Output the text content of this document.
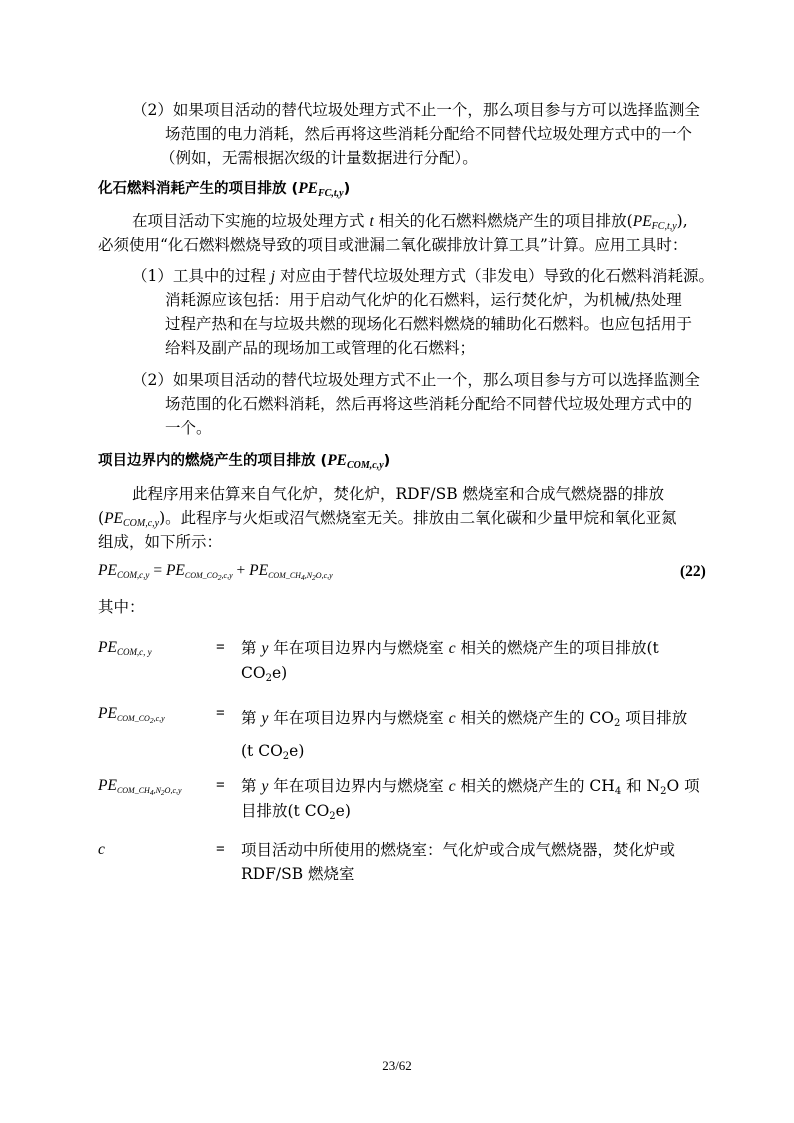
（2）如果项目活动的替代垃圾处理方式不止一个，那么项目参与方可以选择监测全
场范围的电力消耗，然后再将这些消耗分配给不同替代垃圾处理方式中的一个
（例如，无需根据次级的计量数据进行分配）。
化石燃料消耗产生的项目排放 $(PE_{FC,t,y})$
在项目活动下实施的垃圾处理方式 t 相关的化石燃料燃烧产生的项目排放$(PE_{FC,t,y})$,
必须使用“化石燃料燃烧导致的项目或泄漏二氧化碳排放计算工具”计算。应用工具时：
（1）工具中的过程 j 对应由于替代垃圾处理方式（非发电）导致的化石燃料消耗源。
消耗源应该包括：用于启动气化炉的化石燃料，运行焚化炉，为机械/热处理
过程产热和在与垃圾共燃的现场化石燃料燃烧的辅助化石燃料。也应包括用于
给料及副产品的现场加工或管理的化石燃料；
（2）如果项目活动的替代垃圾处理方式不止一个，那么项目参与方可以选择监测全
场范围的化石燃料消耗，然后再将这些消耗分配给不同替代垃圾处理方式中的
一个。
项目边界内的燃烧产生的项目排放 $(PE_{COM,c,y})$
此程序用来估算来自气化炉，焚化炉，RDF/SB 燃烧室和合成气燃烧器的排放
$(PE_{COM,c,y})$。此程序与火炬或沼气燃烧室无关。排放由二氧化碳和少量甲烷和氧化亚氮
组成，如下所示：
$PE_{COM,c,y} = PE_{COM\_CO_2,c,y} + PE_{COM\_CH_4,N_2O,c,y}$	(22)
其中：
$PE_{COM,c, y}$	= 第 y 年在项目边界内与燃烧室 c 相关的燃烧产生的项目排放(t
$CO_2e$)
$PE_{COM\_CO_2,c,y}$	= 第 y 年在项目边界内与燃烧室 c 相关的燃烧产生的 $CO_2$ 项目排放
(t $CO_2e$)
$PE_{COM\_CH_4,N_2O,c,y}$ = 第 y 年在项目边界内与燃烧室 c 相关的燃烧产生的 $CH_4$ 和 $N_2O$ 项
目排放(t $CO_2e$)
c	= 项目活动中所使用的燃烧室：气化炉或合成气燃烧器，焚化炉或
RDF/SB 燃烧室
23/62
